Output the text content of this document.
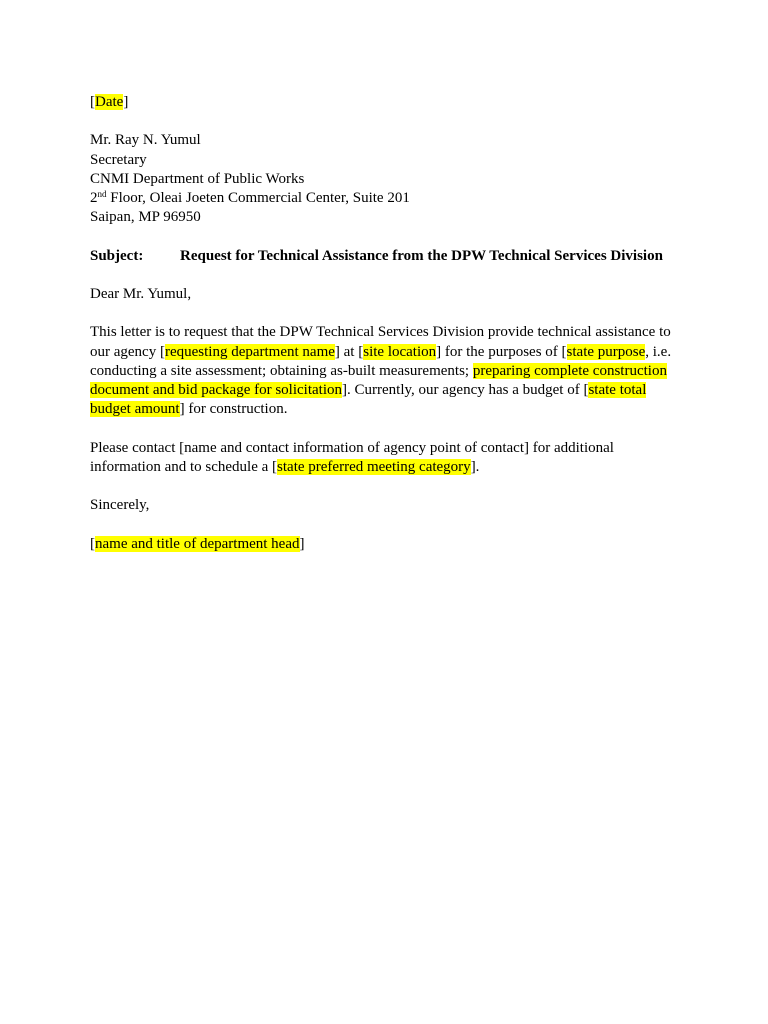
[Date]

Mr. Ray N. Yumul

Secretary

CNMI Department of Public Works

2nd Floor, Oleai Joeten Commercial Center, Suite 201

Saipan, MP 96950

Subject: Request for Technical Assistance from the DPW Technical Services Division

Dear Mr. Yumul,

This letter is to request that the DPW Technical Services Division provide technical assistance to our agency [requesting department name] at [site location] for the purposes of [state purpose, i.e. conducting a site assessment; obtaining as-built measurements; preparing complete construction document and bid package for solicitation]. Currently, our agency has a budget of [state total budget amount] for construction.

Please contact [name and contact information of agency point of contact] for additional information and to schedule a [state preferred meeting category].

Sincerely,

[name and title of department head]
